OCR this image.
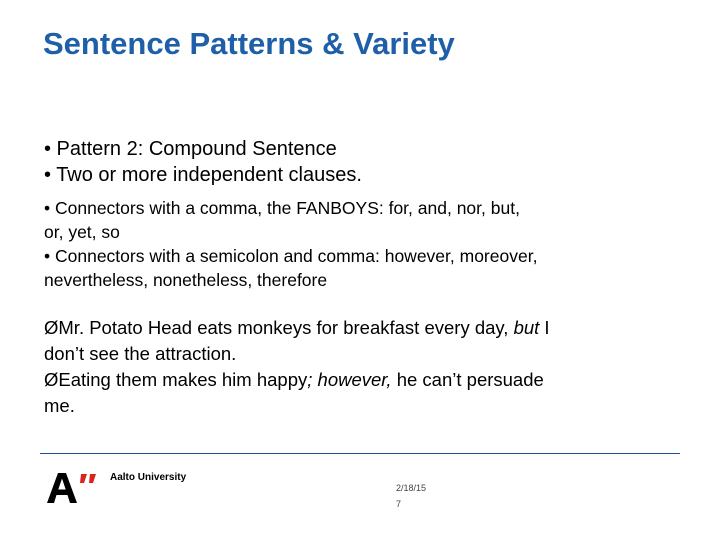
Sentence Patterns & Variety
• Pattern 2: Compound Sentence
• Two or more independent clauses.
• Connectors with a comma, the FANBOYS: for, and, nor, but,
or, yet, so
• Connectors with a semicolon and comma: however, moreover,
nevertheless, nonetheless, therefore
ØMr. Potato Head eats monkeys for breakfast every day, but I
don’t see the attraction.
ØEating them makes him happy; however, he can’t persuade
me.
Aalto University
2/18/15
7
